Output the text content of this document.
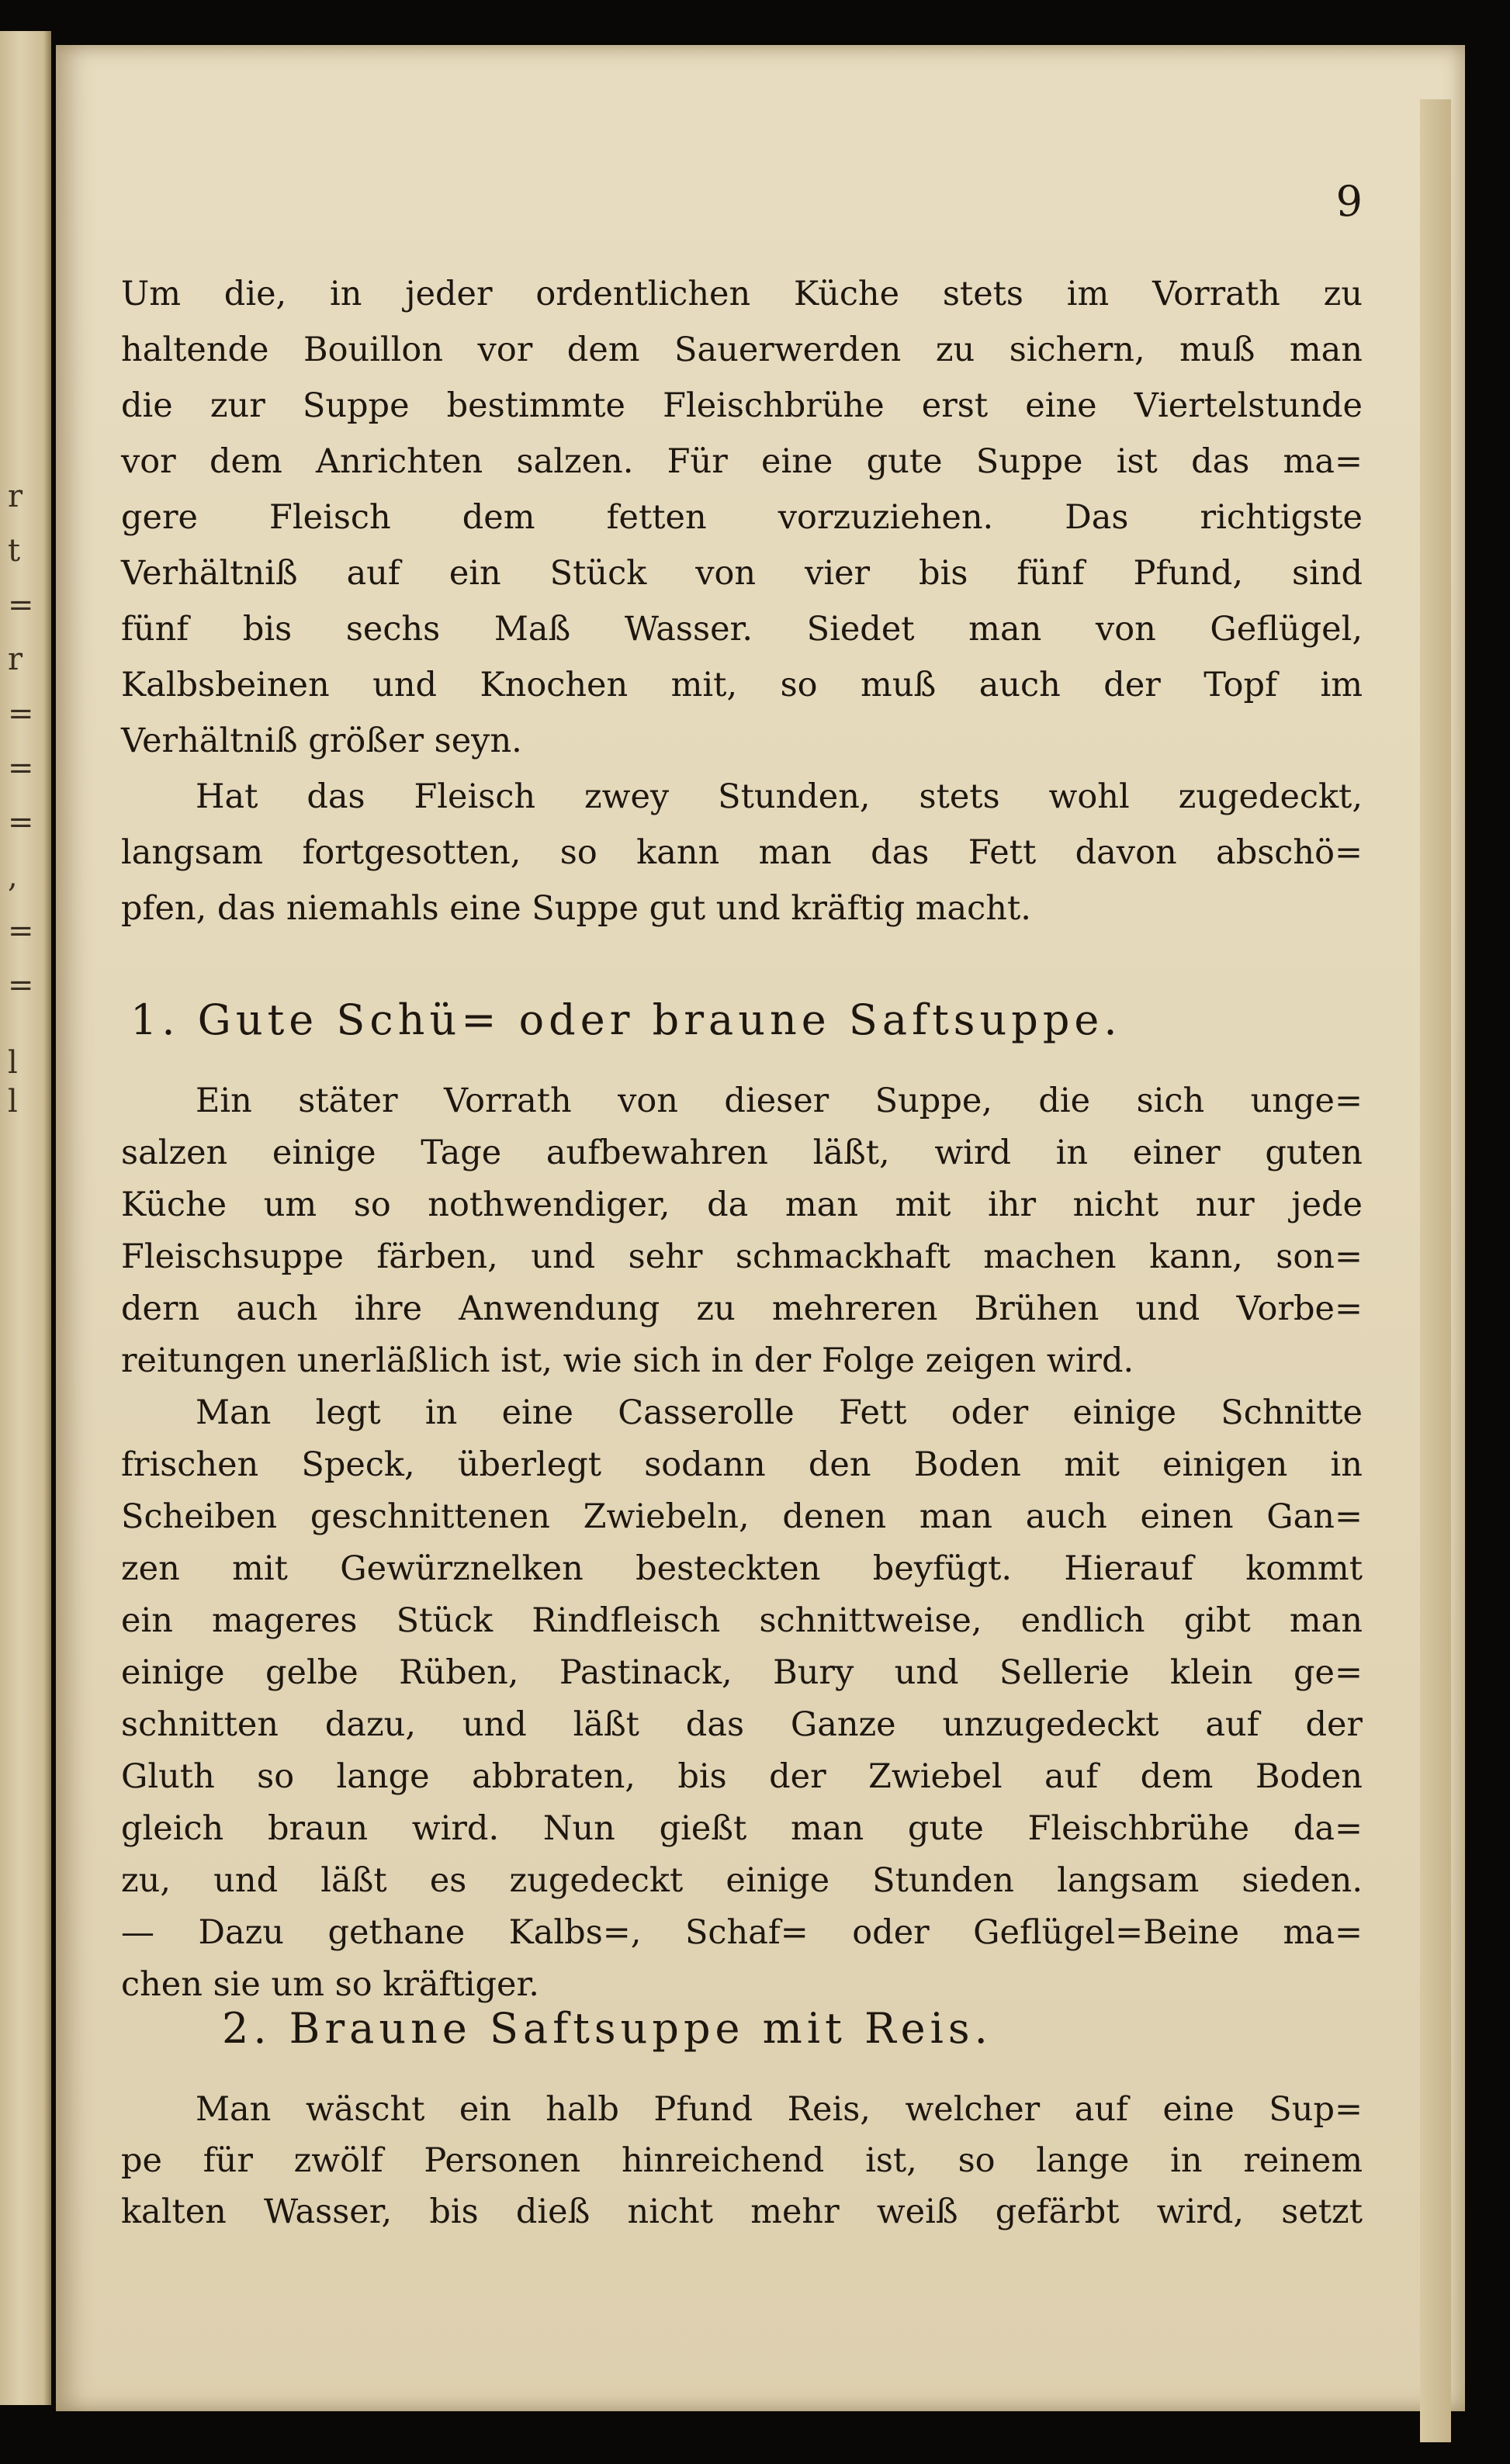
r
t
=
r
=
=
=
,
=
=
l
l
9
Um die, in jeder ordentlichen Küche stets im Vorrath zu
haltende Bouillon vor dem Sauerwerden zu sichern, muß man
die zur Suppe bestimmte Fleischbrühe erst eine Viertelstunde
vor dem Anrichten salzen. Für eine gute Suppe ist das ma=
gere Fleisch dem fetten vorzuziehen. Das richtigste
Verhältniß auf ein Stück von vier bis fünf Pfund, sind
fünf bis sechs Maß Wasser. Siedet man von Geflügel,
Kalbsbeinen und Knochen mit, so muß auch der Topf im
Verhältniß größer seyn.
Hat das Fleisch zwey Stunden, stets wohl zugedeckt,
langsam fortgesotten, so kann man das Fett davon abschö=
pfen, das niemahls eine Suppe gut und kräftig macht.
1. Gute Schü= oder braune Saftsuppe.
Ein stäter Vorrath von dieser Suppe, die sich unge=
salzen einige Tage aufbewahren läßt, wird in einer guten
Küche um so nothwendiger, da man mit ihr nicht nur jede
Fleischsuppe färben, und sehr schmackhaft machen kann, son=
dern auch ihre Anwendung zu mehreren Brühen und Vorbe=
reitungen unerläßlich ist, wie sich in der Folge zeigen wird.
Man legt in eine Casserolle Fett oder einige Schnitte
frischen Speck, überlegt sodann den Boden mit einigen in
Scheiben geschnittenen Zwiebeln, denen man auch einen Gan=
zen mit Gewürznelken besteckten beyfügt. Hierauf kommt
ein mageres Stück Rindfleisch schnittweise, endlich gibt man
einige gelbe Rüben, Pastinack, Bury und Sellerie klein ge=
schnitten dazu, und läßt das Ganze unzugedeckt auf der
Gluth so lange abbraten, bis der Zwiebel auf dem Boden
gleich braun wird. Nun gießt man gute Fleischbrühe da=
zu, und läßt es zugedeckt einige Stunden langsam sieden.
— Dazu gethane Kalbs=, Schaf= oder Geflügel=Beine ma=
chen sie um so kräftiger.
2. Braune Saftsuppe mit Reis.
Man wäscht ein halb Pfund Reis, welcher auf eine Sup=
pe für zwölf Personen hinreichend ist, so lange in reinem
kalten Wasser, bis dieß nicht mehr weiß gefärbt wird, setzt
